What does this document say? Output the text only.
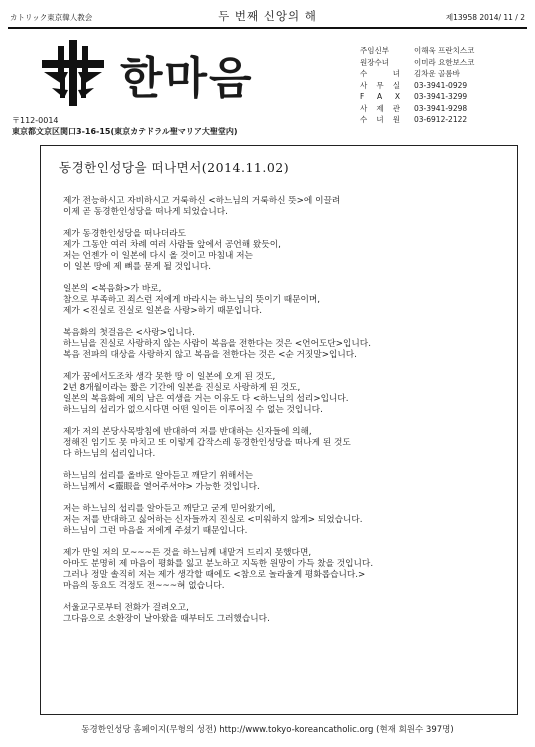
カトリック東京韓人教会	두 번째 신앙의 해	제13958 2014/ 11 / 2
한마음
주임신부	이해욱 프란치스코
원장수녀	이미라 요한보스코
수 녀 김차운 골롬바
사 무 실 03-3941-0929
F A X 03-3941-3299
사 제 관 03-3941-9298
수 녀 원 03-6912-2122
〒112-0014
東京都文京区関口3-16-15(東京カテドラル聖マリア大聖堂内)
동경한인성당을 떠나면서(2014.11.02)
제가 전능하시고 자비하시고 거룩하신 <하느님의 거룩하신 뜻>에 이끌려
이제 곧 동경한인성당을 떠나게 되었습니다.
제가 동경한인성당을 떠나더라도
제가 그동안 여러 차례 여러 사람들 앞에서 공언해 왔듯이,
저는 언젠가 이 일본에 다시 올 것이고 마침내 저는
이 일본 땅에 제 뼈를 묻게 될 것입니다.
일본의 <복음화>가 바로,
참으로 부족하고 죄스런 저에게 바라시는 하느님의 뜻이기 때문이며,
제가 <진실로 진실로 일본을 사랑>하기 때문입니다.
복음화의 첫걸음은 <사랑>입니다.
하느님을 진실로 사랑하지 않는 사람이 복음을 전한다는 것은 <언어도단>입니다.
복음 전파의 대상을 사랑하지 않고 복음을 전한다는 것은 <순 거짓말>입니다.
제가 꿈에서도조차 생각 못한 땅 이 일본에 오게 된 것도,
2년 8개월이라는 짧은 기간에 일본을 진실로 사랑하게 된 것도,
일본의 복음화에 제의 남은 여생을 거는 이유도 다 <하느님의 섭리>입니다.
하느님의 섭리가 없으시다면 어떤 일이든 이루어질 수 없는 것입니다.
제가 저의 본당사목방침에 반대하여 저를 반대하는 신자들에 의해,
정해진 임기도 못 마치고 또 이렇게 갑작스레 동경한인성당을 떠나게 된 것도
다 하느님의 섭리입니다.
하느님의 섭리를 올바로 알아듣고 깨닫기 위해서는
하느님께서 <靈眼을 열어주셔야> 가능한 것입니다.
저는 하느님의 섭리를 알아듣고 깨닫고 굳게 믿어왔기에,
저는 저를 반대하고 싫어하는 신자들까지 진실로 <미워하지 않게> 되었습니다.
하느님이 그런 마음을 저에게 주셨기 때문입니다.
제가 만일 저의 모~~~든 것을 하느님께 내맡겨 드리지 못했다면,
아마도 분명히 제 마음이 평화를 잃고 분노하고 지독한 원망이 가득 찼을 것입니다.
그러나 정말 솔직히 저는 제가 생각할 때에도 <참으로 놀라울게 평화롭습니다.>
마음의 동요도 걱정도 전~~~혀 없습니다.
서울교구로부터 전화가 걸려오고,
그다음으로 소환장이 날아왔을 때부터도 그러했습니다.
동경한인성당 홈페이지(무형의 성전) http://www.tokyo-koreancatholic.org (현재 회원수 397명)
